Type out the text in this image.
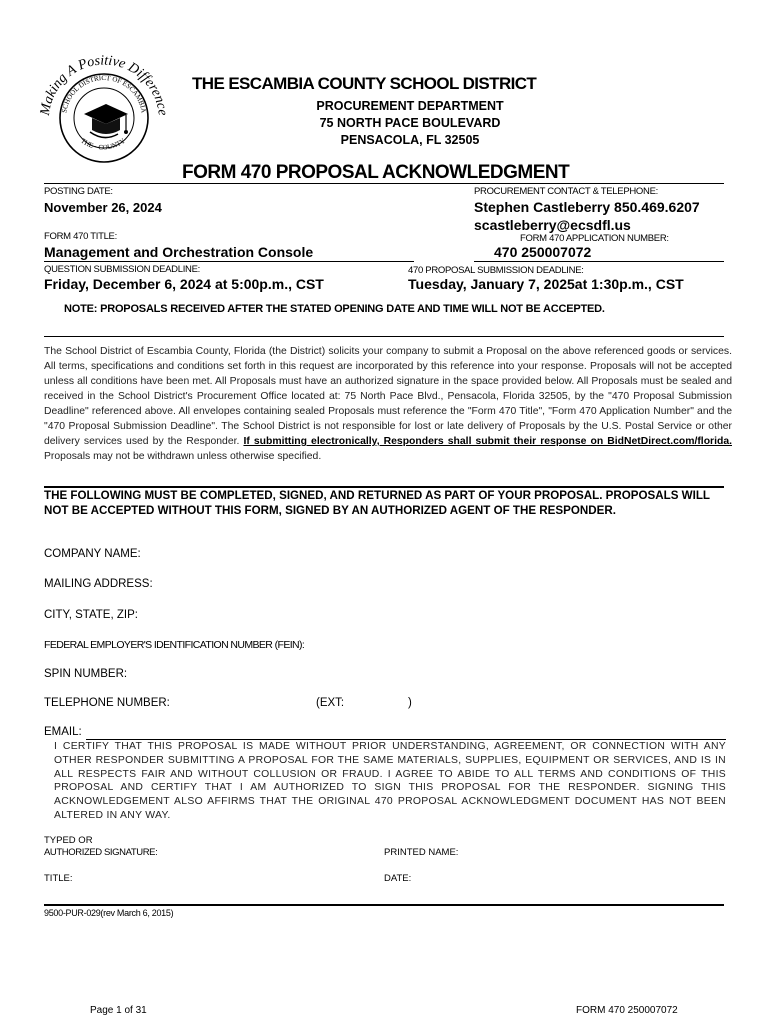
Making A Positive Difference
SCHOOL DISTRICT OF ESCAMBIA
THE · COUNTY
THE ESCAMBIA COUNTY SCHOOL DISTRICT
PROCUREMENT DEPARTMENT
75 NORTH PACE BOULEVARD
PENSACOLA, FL 32505
FORM 470 PROPOSAL ACKNOWLEDGMENT
POSTING DATE:
November 26, 2024
PROCUREMENT CONTACT & TELEPHONE:
Stephen Castleberry 850.469.6207
scastleberry@ecsdfl.us
FORM 470 TITLE:	FORM 470 APPLICATION NUMBER:
Management and Orchestration Console	470 250007072
QUESTION SUBMISSION DEADLINE:	470 PROPOSAL SUBMISSION DEADLINE:
Friday, December 6, 2024 at 5:00p.m., CST	Tuesday, January 7, 2025at 1:30p.m., CST
NOTE: PROPOSALS RECEIVED AFTER THE STATED OPENING DATE AND TIME WILL NOT BE ACCEPTED.
The School District of Escambia County, Florida (the District) solicits your company to submit a Proposal on the above referenced goods or services. All terms, specifications and conditions set forth in this request are incorporated by this reference into your response. Proposals will not be accepted unless all conditions have been met. All Proposals must have an authorized signature in the space provided below. All Proposals must be sealed and received in the School District's Procurement Office located at: 75 North Pace Blvd., Pensacola, Florida 32505, by the "470 Proposal Submission Deadline" referenced above. All envelopes containing sealed Proposals must reference the "Form 470 Title", "Form 470 Application Number" and the "470 Proposal Submission Deadline". The School District is not responsible for lost or late delivery of Proposals by the U.S. Postal Service or other delivery services used by the Responder. If submitting electronically, Responders shall submit their response on BidNetDirect.com/florida. Proposals may not be withdrawn unless otherwise specified.
THE FOLLOWING MUST BE COMPLETED, SIGNED, AND RETURNED AS PART OF YOUR PROPOSAL. PROPOSALS WILL NOT BE ACCEPTED WITHOUT THIS FORM, SIGNED BY AN AUTHORIZED AGENT OF THE RESPONDER.
COMPANY NAME:
MAILING ADDRESS:
CITY, STATE, ZIP:
FEDERAL EMPLOYER'S IDENTIFICATION NUMBER (FEIN):
SPIN NUMBER:
TELEPHONE NUMBER:	(EXT:	)
EMAIL:
I CERTIFY THAT THIS PROPOSAL IS MADE WITHOUT PRIOR UNDERSTANDING, AGREEMENT, OR CONNECTION WITH ANY OTHER RESPONDER SUBMITTING A PROPOSAL FOR THE SAME MATERIALS, SUPPLIES, EQUIPMENT OR SERVICES, AND IS IN ALL RESPECTS FAIR AND WITHOUT COLLUSION OR FRAUD. I AGREE TO ABIDE TO ALL TERMS AND CONDITIONS OF THIS PROPOSAL AND CERTIFY THAT I AM AUTHORIZED TO SIGN THIS PROPOSAL FOR THE RESPONDER. SIGNING THIS ACKNOWLEDGEMENT ALSO AFFIRMS THAT THE ORIGINAL 470 PROPOSAL ACKNOWLEDGMENT DOCUMENT HAS NOT BEEN ALTERED IN ANY WAY.
TYPED OR
AUTHORIZED SIGNATURE:	PRINTED NAME:
TITLE:	DATE:
9500-PUR-029(rev March 6, 2015)
Page 1 of 31	FORM 470 250007072
